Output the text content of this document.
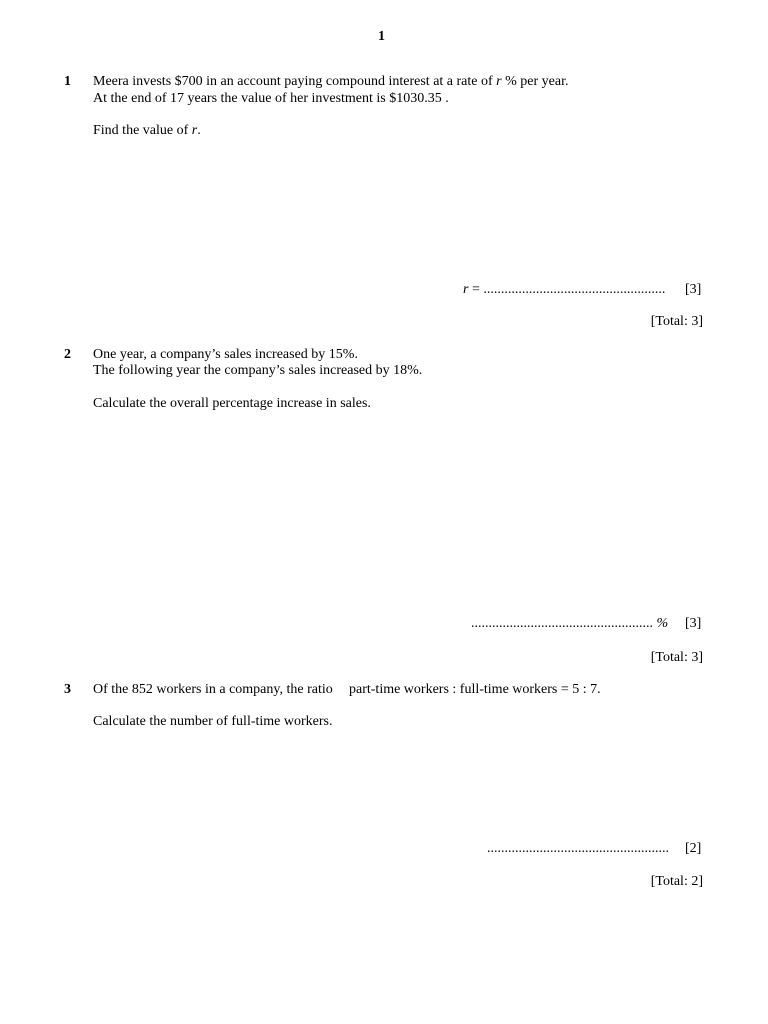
1
1 Meera invests $700 in an account paying compound interest at a rate of r % per year.
At the end of 17 years the value of her investment is $1030.35 .
Find the value of r.
r = .................................................... [3]
[Total: 3]
2 One year, a company’s sales increased by 15%.
The following year the company’s sales increased by 18%.
Calculate the overall percentage increase in sales.
.................................................... % [3]
[Total: 3]
3 Of the 852 workers in a company, the ratio part-time workers : full-time workers = 5 : 7.
Calculate the number of full-time workers.
.................................................... [2]
[Total: 2]
